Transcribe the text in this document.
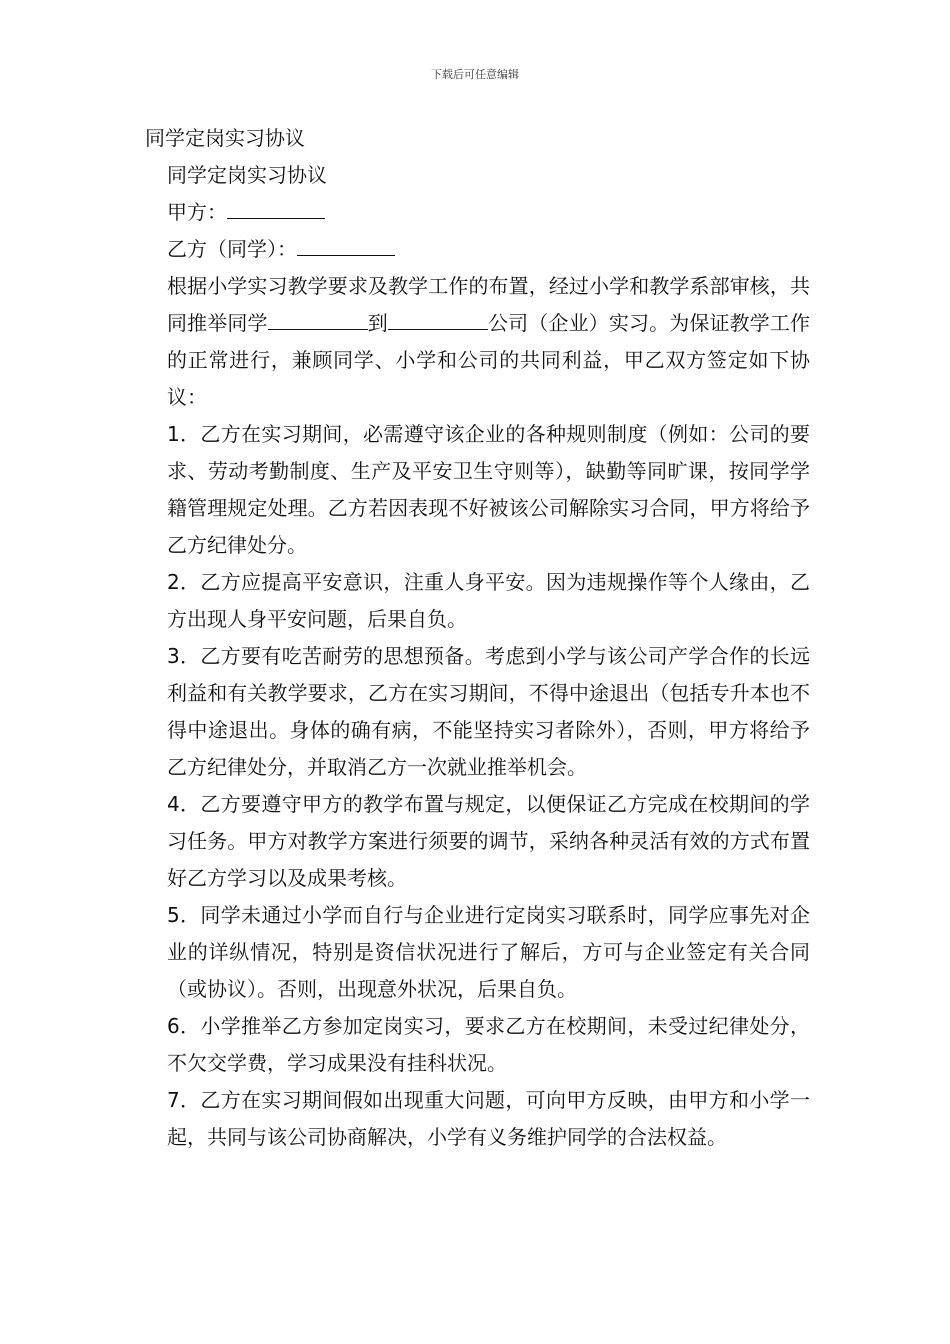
下载后可任意编辑
同学定岗实习协议
同学定岗实习协议
甲方：
乙方（同学）：
根据小学实习教学要求及教学工作的布置，经过小学和教学系部审核，共同推举同学	到	公司（企业）实习。为保证教学工作的正常进行，兼顾同学、小学和公司的共同利益，甲乙双方签定如下协议：
1．乙方在实习期间，必需遵守该企业的各种规则制度（例如：公司的要求、劳动考勤制度、生产及平安卫生守则等），缺勤等同旷课，按同学学籍管理规定处理。乙方若因表现不好被该公司解除实习合同，甲方将给予乙方纪律处分。
2．乙方应提高平安意识，注重人身平安。因为违规操作等个人缘由，乙方出现人身平安问题，后果自负。
3．乙方要有吃苦耐劳的思想预备。考虑到小学与该公司产学合作的长远利益和有关教学要求，乙方在实习期间，不得中途退出（包括专升本也不得中途退出。身体的确有病，不能坚持实习者除外），否则，甲方将给予乙方纪律处分，并取消乙方一次就业推举机会。
4．乙方要遵守甲方的教学布置与规定，以便保证乙方完成在校期间的学习任务。甲方对教学方案进行须要的调节，采纳各种灵活有效的方式布置好乙方学习以及成果考核。
5．同学未通过小学而自行与企业进行定岗实习联系时，同学应事先对企业的详纵情况，特别是资信状况进行了解后，方可与企业签定有关合同（或协议）。否则，出现意外状况，后果自负。
6．小学推举乙方参加定岗实习，要求乙方在校期间，未受过纪律处分，不欠交学费，学习成果没有挂科状况。
7．乙方在实习期间假如出现重大问题，可向甲方反映，由甲方和小学一起，共同与该公司协商解决，小学有义务维护同学的合法权益。
